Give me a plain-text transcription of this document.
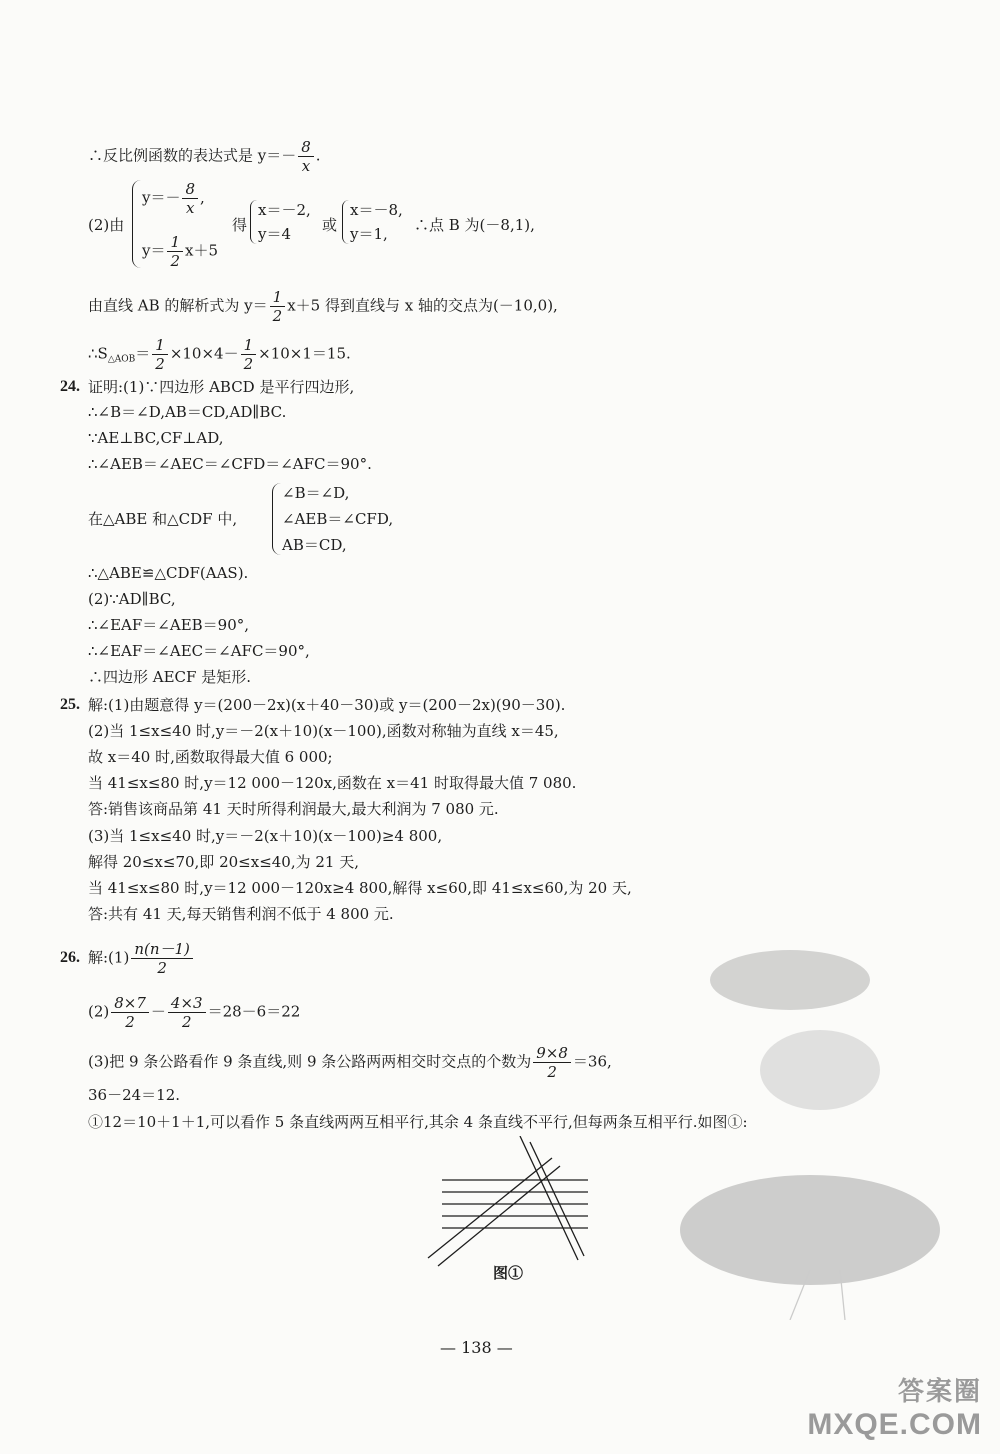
∴反比例函数的表达式是 $y=- \frac{8}{x}$ .
(2)由
$y=- \frac{8}{x}$ ,
$y= \frac{1}{2} x+5$
得
x＝－2,
y＝4 或
x＝－8,
y＝1, ∴点 B 为(－8,1),
由直线 AB 的解析式为 $y= \frac{1}{2} x+5$ 得到直线与 x 轴的交点为(－10,0),
$\therefore S_{\triangle AOB}= \frac{1}{2} \times 10\times 4- \frac{1}{2} \times 10\times 1=15$.
24. 证明:(1)∵四边形 ABCD 是平行四边形,
∴∠B＝∠D,AB＝CD,AD∥BC.
∵AE⊥BC,CF⊥AD,
∴∠AEB＝∠AEC＝∠CFD＝∠AFC＝90°.
在△ABE 和△CDF 中,
∠B＝∠D,
∠AEB＝∠CFD,
AB＝CD,
∴△ABE≌△CDF(AAS).
(2)∵AD∥BC,
∴∠EAF＝∠AEB＝90°,
∴∠EAF＝∠AEC＝∠AFC＝90°,
∴四边形 AECF 是矩形.
25. 解:(1)由题意得 y＝(200－2x)(x＋40－30)或 y＝(200－2x)(90－30).
(2)当 1≤x≤40 时,y＝－2(x＋10)(x－100),函数对称轴为直线 x＝45,
故 x＝40 时,函数取得最大值 6 000;
当 41≤x≤80 时,y＝12 000－120x,函数在 x＝41 时取得最大值 7 080.
答:销售该商品第 41 天时所得利润最大,最大利润为 7 080 元.
(3)当 1≤x≤40 时,y＝－2(x＋10)(x－100)≥4 800,
解得 20≤x≤70,即 20≤x≤40,为 21 天,
当 41≤x≤80 时,y＝12 000－120x≥4 800,解得 x≤60,即 41≤x≤60,为 20 天,
答:共有 41 天,每天销售利润不低于 4 800 元.
26. 解:(1) $\frac{n(n-1)}{2}$
$(2) \frac{8\times 7}{2} - \frac{4\times 3}{2} =28-6=22$
(3)把 9 条公路看作 9 条直线,则 9 条公路两两相交时交点的个数为 $\frac{9\times 8}{2} =36$,
36－24＝12.
①12＝10＋1＋1,可以看作 5 条直线两两互相平行,其余 4 条直线不平行,但每两条互相平行.如图①:
图①
— 138 —
答案圈
MXQE.COM
